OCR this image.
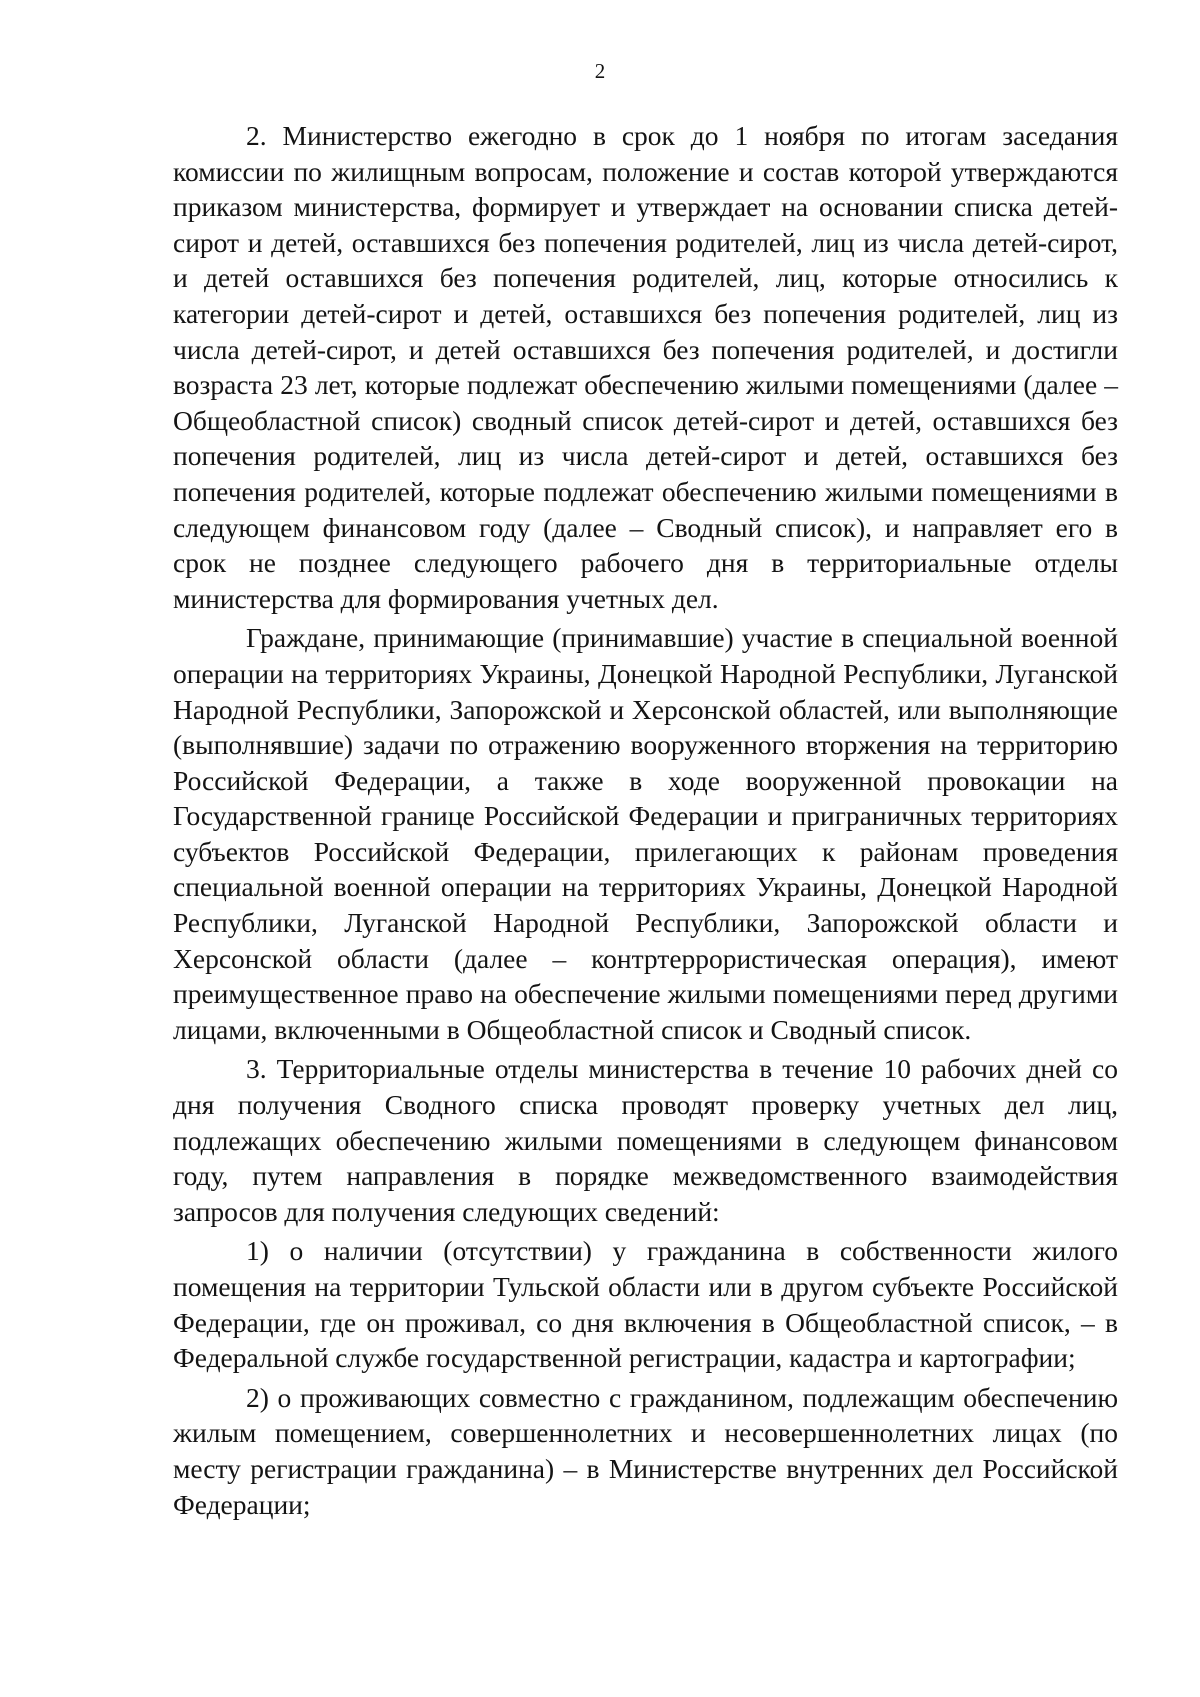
2

2. Министерство ежегодно в срок до 1 ноября по итогам заседания комиссии по жилищным вопросам, положение и состав которой утверждаются приказом министерства, формирует и утверждает на основании списка детей-сирот и детей, оставшихся без попечения родителей, лиц из числа детей-сирот, и детей оставшихся без попечения родителей, лиц, которые относились к категории детей-сирот и детей, оставшихся без попечения родителей, лиц из числа детей-сирот, и детей оставшихся без попечения родителей, и достигли возраста 23 лет, которые подлежат обеспечению жилыми помещениями (далее – Общеобластной список) сводный список детей-сирот и детей, оставшихся без попечения родителей, лиц из числа детей-сирот и детей, оставшихся без попечения родителей, которые подлежат обеспечению жилыми помещениями в следующем финансовом году (далее – Сводный список), и направляет его в срок не позднее следующего рабочего дня в территориальные отделы министерства для формирования учетных дел.

Граждане, принимающие (принимавшие) участие в специальной военной операции на территориях Украины, Донецкой Народной Республики, Луганской Народной Республики, Запорожской и Херсонской областей, или выполняющие (выполнявшие) задачи по отражению вооруженного вторжения на территорию Российской Федерации, а также в ходе вооруженной провокации на Государственной границе Российской Федерации и приграничных территориях субъектов Российской Федерации, прилегающих к районам проведения специальной военной операции на территориях Украины, Донецкой Народной Республики, Луганской Народной Республики, Запорожской области и Херсонской области (далее – контртеррористическая операция), имеют преимущественное право на обеспечение жилыми помещениями перед другими лицами, включенными в Общеобластной список и Сводный список.

3. Территориальные отделы министерства в течение 10 рабочих дней со дня получения Сводного списка проводят проверку учетных дел лиц, подлежащих обеспечению жилыми помещениями в следующем финансовом году, путем направления в порядке межведомственного взаимодействия запросов для получения следующих сведений:

1) о наличии (отсутствии) у гражданина в собственности жилого помещения на территории Тульской области или в другом субъекте Российской Федерации, где он проживал, со дня включения в Общеобластной список, – в Федеральной службе государственной регистрации, кадастра и картографии;

2) о проживающих совместно с гражданином, подлежащим обеспечению жилым помещением, совершеннолетних и несовершеннолетних лицах (по месту регистрации гражданина) – в Министерстве внутренних дел Российской Федерации;
